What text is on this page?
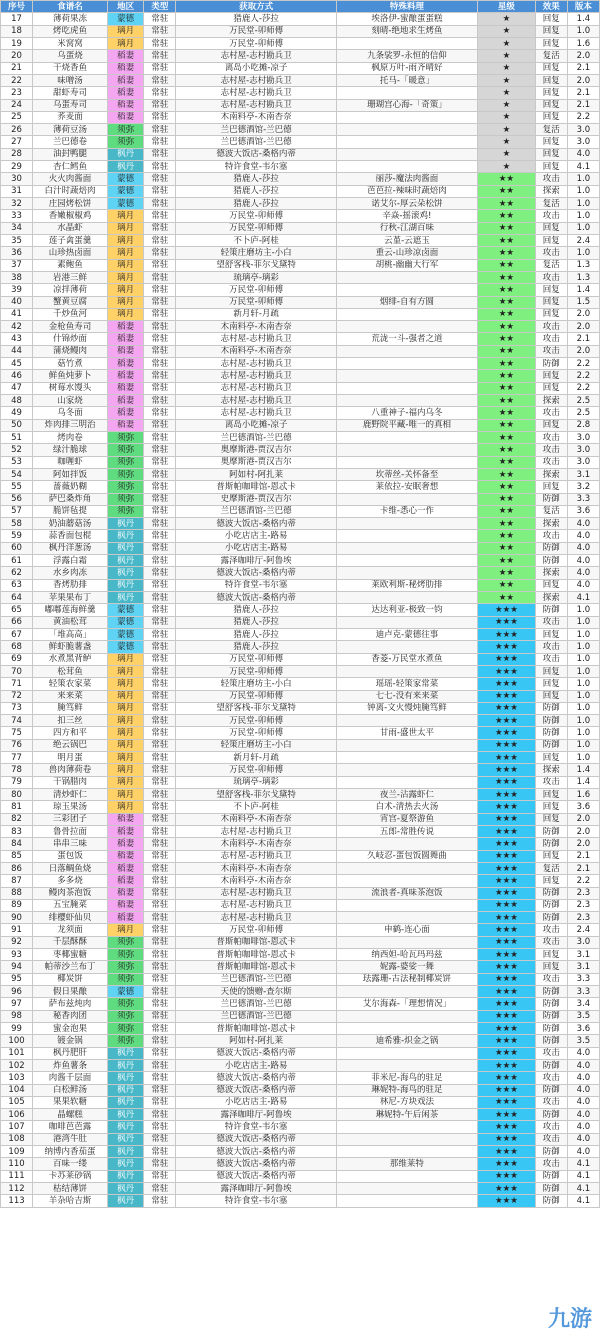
序号	食谱名	地区	类型	获取方式	特殊料理	星级	效果	版本
17	薄荷果冻	蒙德	常驻	猎鹿人-莎拉	埃洛伊-蜜酿蛋蛋糕	★	回复	1.4
18	烤吃虎鱼	璃月	常驻	万民堂-卯师傅	刻晴-绝地求生烤鱼	★	回复	1.0
19	米窝窝	璃月	常驻	万民堂-卯师傅		★	回复	1.6
20	乌蛋烧	稻妻	常驻	志村屋-志村勘兵卫	九条裟罗-永恒的信仰	★	复活	2.0
21	干烧香鱼	稻妻	常驻	离岛小吃摊-凉子	枫原万叶-雨齐晴好	★	回复	2.1
22	味噌汤	稻妻	常驻	志村屋-志村勘兵卫	托马-「暖意」	★	回复	2.0
23	甜虾寿司	稻妻	常驻	志村屋-志村勘兵卫		★	回复	2.1
24	乌蛋寿司	稻妻	常驻	志村屋-志村勘兵卫	珊瑚宫心海-「奇策」	★	回复	2.1
25	荞麦面	稻妻	常驻	木南料亭-木南杏奈		★	回复	2.2
26	薄荷豆汤	须弥	常驻	兰巴德酒馆-兰巴德		★	复活	3.0
27	兰巴德卷	须弥	常驻	兰巴德酒馆-兰巴德		★	回复	3.0
28	油封鸭腿	枫丹	常驻	德波大饭店-桑格内蒂		★	回复	4.0
29	杏仁鳕鱼	枫丹	常驻	特许食堂-韦尔塞		★	回复	4.1
30	火火肉酱面	蒙德	常驻	猎鹿人-莎拉	丽莎-魔法肉酱面	★★	攻击	1.0
31	白汁时蔬焙肉	蒙德	常驻	猎鹿人-莎拉	芭芭拉-辣味时蔬焙肉	★★	探索	1.0
32	庄园烤松饼	蒙德	常驻	猎鹿人-莎拉	诺艾尔-厚云朵松饼	★★	复活	1.0
33	香嫩椒椒鸡	璃月	常驻	万民堂-卯师傅	辛焱-摇滚鸡!	★★	攻击	1.0
34	水晶虾	璃月	常驻	万民堂-卯师傅	行秋-江湖百味	★★	回复	1.0
35	莲子禽蛋羹	璃月	常驻	不卜庐-阿桂	云堇-云遮玉	★★	回复	2.4
36	山珍热卤面	璃月	常驻	轻策庄磨坊主-小白	重云-山珍凉卤面	★★	攻击	1.0
37	素鲍鱼	璃月	常驻	望舒客栈-菲尔戈黛特	胡桃-幽幽大行军	★★	复活	1.3
38	岩港三鲜	璃月	常驻	琉璃亭-璃彩		★★	攻击	1.3
39	凉拌薄荷	璃月	常驻	万民堂-卯师傅		★★	回复	1.4
40	蟹黄豆腐	璃月	常驻	万民堂-卯师傅	烟绯-自有方圆	★★	回复	1.5
41	千炒鱼河	璃月	常驻	新月轩-月疏		★★	回复	2.0
42	金枪鱼寿司	稻妻	常驻	木南料亭-木南杏奈		★★	攻击	2.0
43	什锦炒面	稻妻	常驻	志村屋-志村勘兵卫	荒泷一斗-强者之道	★★	攻击	2.1
44	蒲烧鳗肉	稻妻	常驻	木南料亭-木南杏奈		★★	攻击	2.0
45	菇竹煮	稻妻	常驻	志村屋-志村勘兵卫		★★	防御	2.2
46	鲜鱼炖萝卜	稻妻	常驻	志村屋-志村勘兵卫		★★	回复	2.2
47	树莓水馒头	稻妻	常驻	志村屋-志村勘兵卫		★★	回复	2.2
48	山家烧	稻妻	常驻	志村屋-志村勘兵卫		★★	探索	2.5
49	乌冬面	稻妻	常驻	志村屋-志村勘兵卫	八重神子-福内乌冬	★★	攻击	2.5
50	炸肉排三明治	稻妻	常驻	离岛小吃摊-凉子	鹿野院平藏-唯一的真相	★★	回复	2.8
51	烤肉卷	须弥	常驻	兰巴德酒馆-兰巴德		★★	攻击	3.0
52	绿汁脆球	须弥	常驻	奥摩斯港-贾汉吉尔		★★	攻击	3.0
53	咖喱虾	须弥	常驻	奥摩斯港-贾汉吉尔		★★	攻击	3.0
54	阿如拌饭	须弥	常驻	阿如村-阿扎莱	坎蒂丝-关怀备至	★★	探索	3.1
55	蔷薇奶糊	须弥	常驻	普斯帕咖啡馆-恩忒卡	莱依拉-安眠奢想	★★	回复	3.2
56	萨巴桑炸角	须弥	常驻	史摩斯港-贾汉吉尔		★★	防御	3.3
57	脆饼毡提	须弥	常驻	兰巴德酒馆-兰巴德	卡维-悉心一作	★★	复活	3.6
58	奶油蘑菇汤	枫丹	常驻	德波大饭店-桑格内蒂		★★	探索	4.0
59	蒜香面包棍	枫丹	常驻	小吃店店主-路易		★★	攻击	4.0
60	枫丹洋葱汤	枫丹	常驻	小吃店店主-路易		★★	防御	4.0
61	浮露白霜	枫丹	常驻	露泽咖啡厅-阿鲁埃		★★	防御	4.0
62	水乡肉冻	枫丹	常驻	德波大饭店-桑格内蒂		★★	探索	4.0
63	香烤肋排	枫丹	常驻	特许食堂-韦尔塞	莱欧利斯-秘烤肋排	★★	回复	4.0
64	苹果果布丁	枫丹	常驻	德波大饭店-桑格内蒂		★★	探索	4.1
65	嘟嘟莲海鲜羹	蒙德	常驻	猎鹿人-莎拉	达达利亚-极致一钧	★★★	防御	1.0
66	黄油松茸	蒙德	常驻	猎鹿人-莎拉		★★★	攻击	1.0
67	「堆高高」	蒙德	常驻	猎鹿人-莎拉	迪卢克-蒙德往事	★★★	回复	1.0
68	鲜虾脆薯盏	蒙德	常驻	猎鹿人-莎拉		★★★	攻击	1.0
69	水煮黑背鲈	璃月	常驻	万民堂-卯师傅	香菱-万民堂水煮鱼	★★★	攻击	1.0
70	松茸鱼	璃月	常驻	万民堂-卯师傅		★★★	回复	1.0
71	轻策农家菜	璃月	常驻	轻策庄磨坊主-小白	瑶瑶-轻策家常菜	★★★	回复	1.0
72	来来菜	璃月	常驻	万民堂-卯师傅	七七-没有来来菜	★★★	回复	1.0
73	腌笃鲜	璃月	常驻	望舒客栈-菲尔戈黛特	钟离-文火慢炖腌笃鲜	★★★	防御	1.0
74	扣三丝	璃月	常驻	万民堂-卯师傅		★★★	防御	1.0
75	四方和平	璃月	常驻	万民堂-卯师傅	甘雨-盛世太平	★★★	防御	1.0
76	绝云锅巴	璃月	常驻	轻策庄磨坊主-小白		★★★	防御	1.0
77	明月蛋	璃月	常驻	新月轩-月疏		★★★	回复	1.0
78	兽肉薄荷卷	璃月	常驻	万民堂-卯师傅		★★★	探索	1.4
79	干锅腊肉	璃月	常驻	琉璃亭-璃彩		★★★	攻击	1.4
80	清炒虾仁	璃月	常驻	望舒客栈-菲尔戈黛特	夜兰-沾露虾仁	★★★	回复	1.6
81	琼玉果汤	璃月	常驻	不卜庐-阿桂	白术-清热去火汤	★★★	回复	3.6
82	三彩团子	稻妻	常驻	木南料亭-木南杏奈	宵宫-夏祭游鱼	★★★	回复	2.0
83	鲁骨拉面	稻妻	常驻	志村屋-志村勘兵卫	五郎-常胜传说	★★★	防御	2.0
84	串串三味	稻妻	常驻	木南料亭-木南杏奈		★★★	防御	2.0
85	蛋包饭	稻妻	常驻	志村屋-志村勘兵卫	久岐忍-蛋包饭圆舞曲	★★★	回复	2.1
86	日落鲷鱼烧	稻妻	常驻	木南料亭-木南杏奈		★★★	复活	2.1
87	多多烧	稻妻	常驻	木南料亭-木南杏奈		★★★	回复	2.2
88	鳗肉茶泡饭	稻妻	常驻	志村屋-志村勘兵卫	流浪者-真味茶泡饭	★★★	防御	2.3
89	五宝腌菜	稻妻	常驻	志村屋-志村勘兵卫		★★★	防御	2.3
90	绯樱虾仙贝	稻妻	常驻	志村屋-志村勘兵卫		★★★	防御	2.3
91	龙须面	璃月	常驻	万民堂-卯师傅	申鹤-连心面	★★★	攻击	2.4
92	千层酥酥	须弥	常驻	普斯帕咖啡馆-恩忒卡		★★★	攻击	3.0
93	枣椰蜜糖	须弥	常驻	普斯帕咖啡馆-恩忒卡	纳西妲-哈瓦玛玛兹	★★★	回复	3.1
94	帕蒂沙兰布丁	须弥	常驻	普斯帕咖啡馆-恩忒卡	妮露-婆娑一舞	★★★	回复	3.1
95	椰炭饼	须弥	常驻	兰巴德酒馆-兰巴德	珐露珊-古法秘制椰炭饼	★★★	攻击	3.3
96	假日果酿	蒙德	常驻	天使的馈赠-查尔斯		★★★	防御	3.3
97	萨布兹炖肉	须弥	常驻	兰巴德酒馆-兰巴德	艾尔海森-「理想情况」	★★★	防御	3.4
98	秘香肉团	须弥	常驻	兰巴德酒馆-兰巴德		★★★	防御	3.5
99	蜜金泡果	须弥	常驻	普斯帕咖啡馆-恩忒卡		★★★	防御	3.6
100	镀金锅	须弥	常驻	阿如村-阿扎莱	迪希雅-炽金之锅	★★★	防御	3.5
101	枫丹肥肝	枫丹	常驻	德波大饭店-桑格内蒂		★★★	攻击	4.0
102	炸鱼薯条	枫丹	常驻	小吃店店主-路易		★★★	防御	4.0
103	肉酱千层面	枫丹	常驻	德波大饭店-桑格内蒂	菲米尼-海鸟的驻足	★★★	攻击	4.0
104	白松鲜汤	枫丹	常驻	德波大饭店-桑格内蒂	琳妮特-海鸟的驻足	★★★	防御	4.0
105	果果软糖	枫丹	常驻	小吃店店主-路易	林尼-方块戏法	★★★	攻击	4.0
106	晶螺糕	枫丹	常驻	露泽咖啡厅-阿鲁埃	琳妮特-午后闲茶	★★★	防御	4.0
107	咖啡芭芭露	枫丹	常驻	特许食堂-韦尔塞		★★★	攻击	4.0
108	港湾牛肚	枫丹	常驻	德波大饭店-桑格内蒂		★★★	攻击	4.0
109	纳博内香茄蛋	枫丹	常驻	德波大饭店-桑格内蒂		★★★	防御	4.0
110	百味一缕	枫丹	常驻	德波大饭店-桑格内蒂	那维莱特	★★★	攻击	4.1
111	卡苏莱砂锅	枫丹	常驻	德波大饭店-桑格内蒂		★★★	防御	4.1
112	枯结薄饼	枫丹	常驻	露泽咖啡厅-阿鲁埃		★★★	防御	4.1
113	羊杂哈吉斯	枫丹	常驻	特许食堂-韦尔塞		★★★	防御	4.1
九游
